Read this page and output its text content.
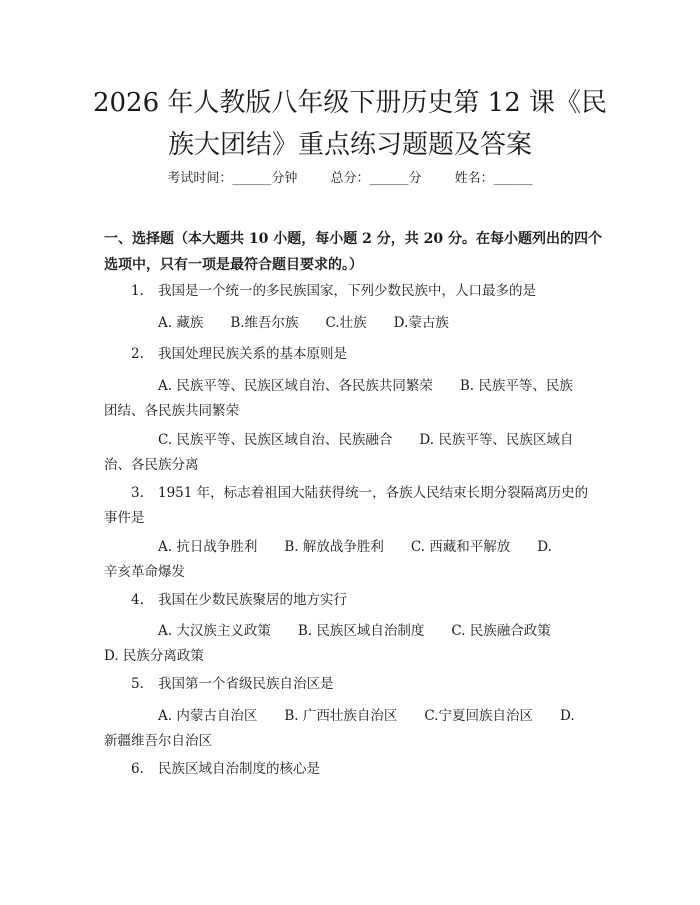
2026 年人教版八年级下册历史第 12 课《民族大团结》重点练习题题及答案
考试时间：______分钟	总分：______分	姓名：______

一、选择题（本大题共 10 小题，每小题 2 分，共 20 分。在每小题列出的四个选项中，只有一项是最符合题目要求的。）

1. 我国是一个统一的多民族国家，下列少数民族中，人口最多的是
A. 藏族　　B.维吾尔族　　C.壮族　　D.蒙古族
2. 我国处理民族关系的基本原则是
A. 民族平等、民族区域自治、各民族共同繁荣　　B. 民族平等、民族
团结、各民族共同繁荣
C. 民族平等、民族区域自治、民族融合　　D. 民族平等、民族区域自
治、各民族分离
3. 1951 年，标志着祖国大陆获得统一，各族人民结束长期分裂隔离历史的
事件是
A. 抗日战争胜利　　B. 解放战争胜利　　C. 西藏和平解放　　D.
辛亥革命爆发
4. 我国在少数民族聚居的地方实行
A. 大汉族主义政策　　B. 民族区域自治制度　　C. 民族融合政策
D. 民族分离政策
5. 我国第一个省级民族自治区是
A. 内蒙古自治区　　B. 广西壮族自治区　　C.宁夏回族自治区　　D.
新疆维吾尔自治区
6. 民族区域自治制度的核心是
